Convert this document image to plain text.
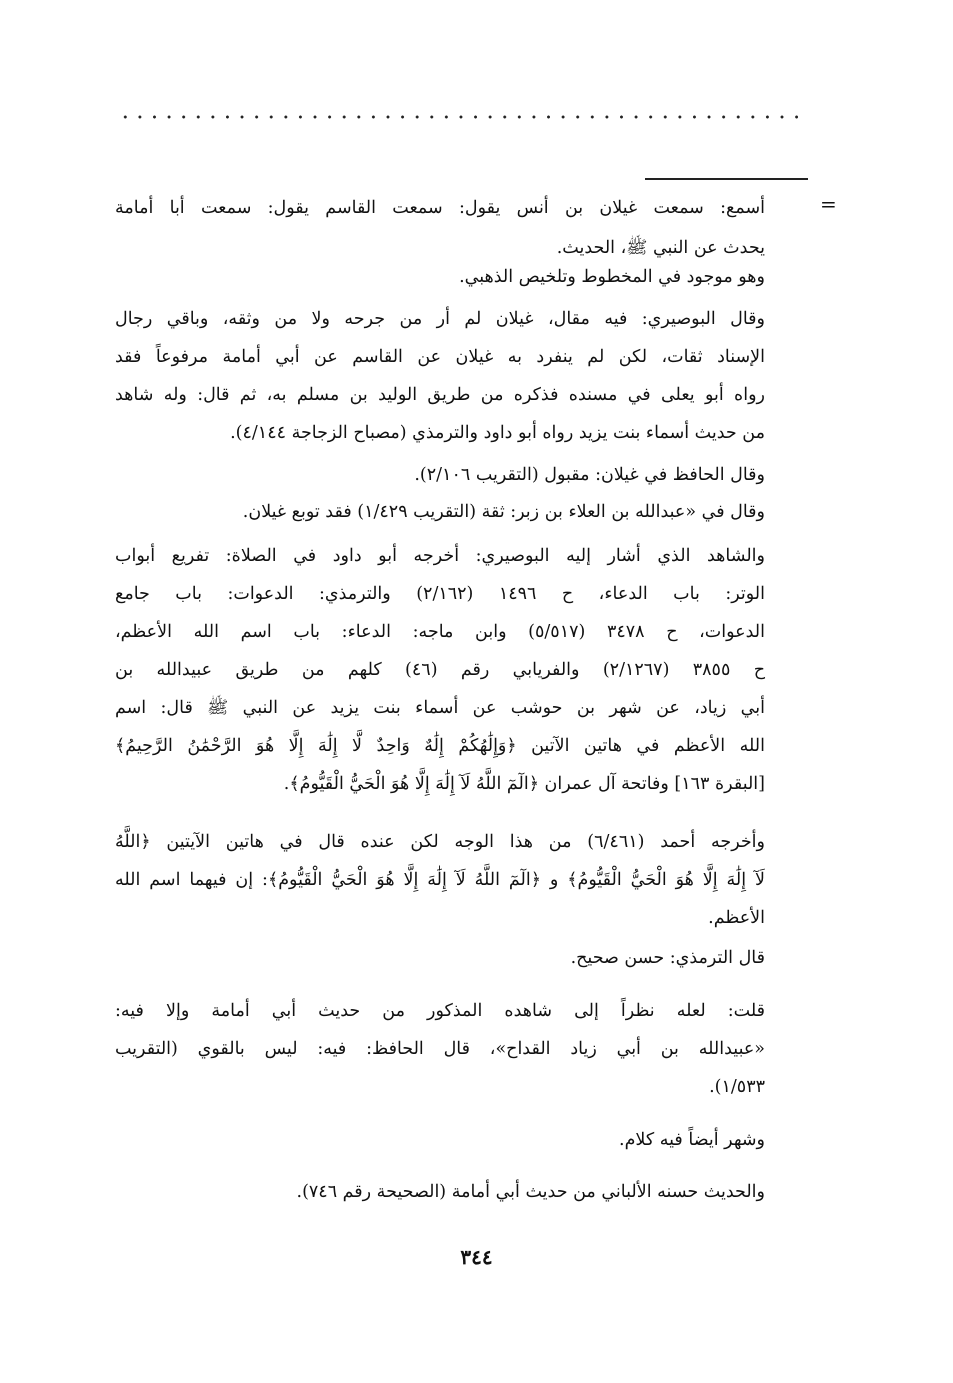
=
أسمع: سمعت غيلان بن أنس يقول: سمعت القاسم يقول: سمعت أبا أمامة
يحدث عن النبي ﷺ، الحديث.
وهو موجود في المخطوط وتلخيص الذهبي.
وقال البوصيري: فيه مقال، غيلان لم أر من جرحه ولا من وثقه، وباقي رجال
الإسناد ثقات، لكن لم ينفرد به غيلان عن القاسم عن أبي أمامة مرفوعاً فقد
رواه أبو يعلى في مسنده فذكره من طريق الوليد بن مسلم به، ثم قال: وله شاهد
من حديث أسماء بنت يزيد رواه أبو داود والترمذي (مصباح الزجاجة ٤/١٤٤).
وقال الحافظ في غيلان: مقبول (التقريب ٢/١٠٦).
وقال في «عبدالله بن العلاء بن زبر: ثقة (التقريب ١/٤٢٩) فقد توبع غيلان.
والشاهد الذي أشار إليه البوصيري: أخرجه أبو داود في الصلاة: تفريع أبواب
الوتر: باب الدعاء، ح ١٤٩٦ (٢/١٦٢) والترمذي: الدعوات: باب جامع
الدعوات، ح ٣٤٧٨ (٥/٥١٧) وابن ماجه: الدعاء: باب اسم الله الأعظم،
ح ٣٨٥٥ (٢/١٢٦٧) والفريابي رقم (٤٦) كلهم من طريق عبيدالله بن
أبي زياد، عن شهر بن حوشب عن أسماء بنت يزيد عن النبي ﷺ قال: اسم
الله الأعظم في هاتين الآتين ﴿وَإِلَٰهُكُمْ إِلَٰهٌ وَاحِدٌ لَّا إِلَٰهَ إِلَّا هُوَ الرَّحْمَٰنُ الرَّحِيمُ﴾
[البقرة ١٦٣] وفاتحة آل عمران ﴿الٓمٓ اللَّهُ لَآ إِلَٰهَ إِلَّا هُوَ الْحَيُّ الْقَيُّومُ﴾.
وأخرجه أحمد (٦/٤٦١) من هذا الوجه لكن عنده قال في هاتين الآيتين ﴿اللَّهُ
لَآ إِلَٰهَ إِلَّا هُوَ الْحَيُّ الْقَيُّومُ﴾ و ﴿الٓمٓ اللَّهُ لَآ إِلَٰهَ إِلَّا هُوَ الْحَيُّ الْقَيُّومُ﴾: إن فيهما اسم الله
الأعظم.
قال الترمذي: حسن صحيح.
قلت: لعله نظراً إلى شاهده المذكور من حديث أبي أمامة وإلا فيه:
«عبيدالله بن أبي زياد القداح»، قال الحافظ: فيه: ليس بالقوي (التقريب
١/٥٣٣).
وشهر أيضاً فيه كلام.
والحديث حسنه الألباني من حديث أبي أمامة (الصحيحة رقم ٧٤٦).
٣٤٤
